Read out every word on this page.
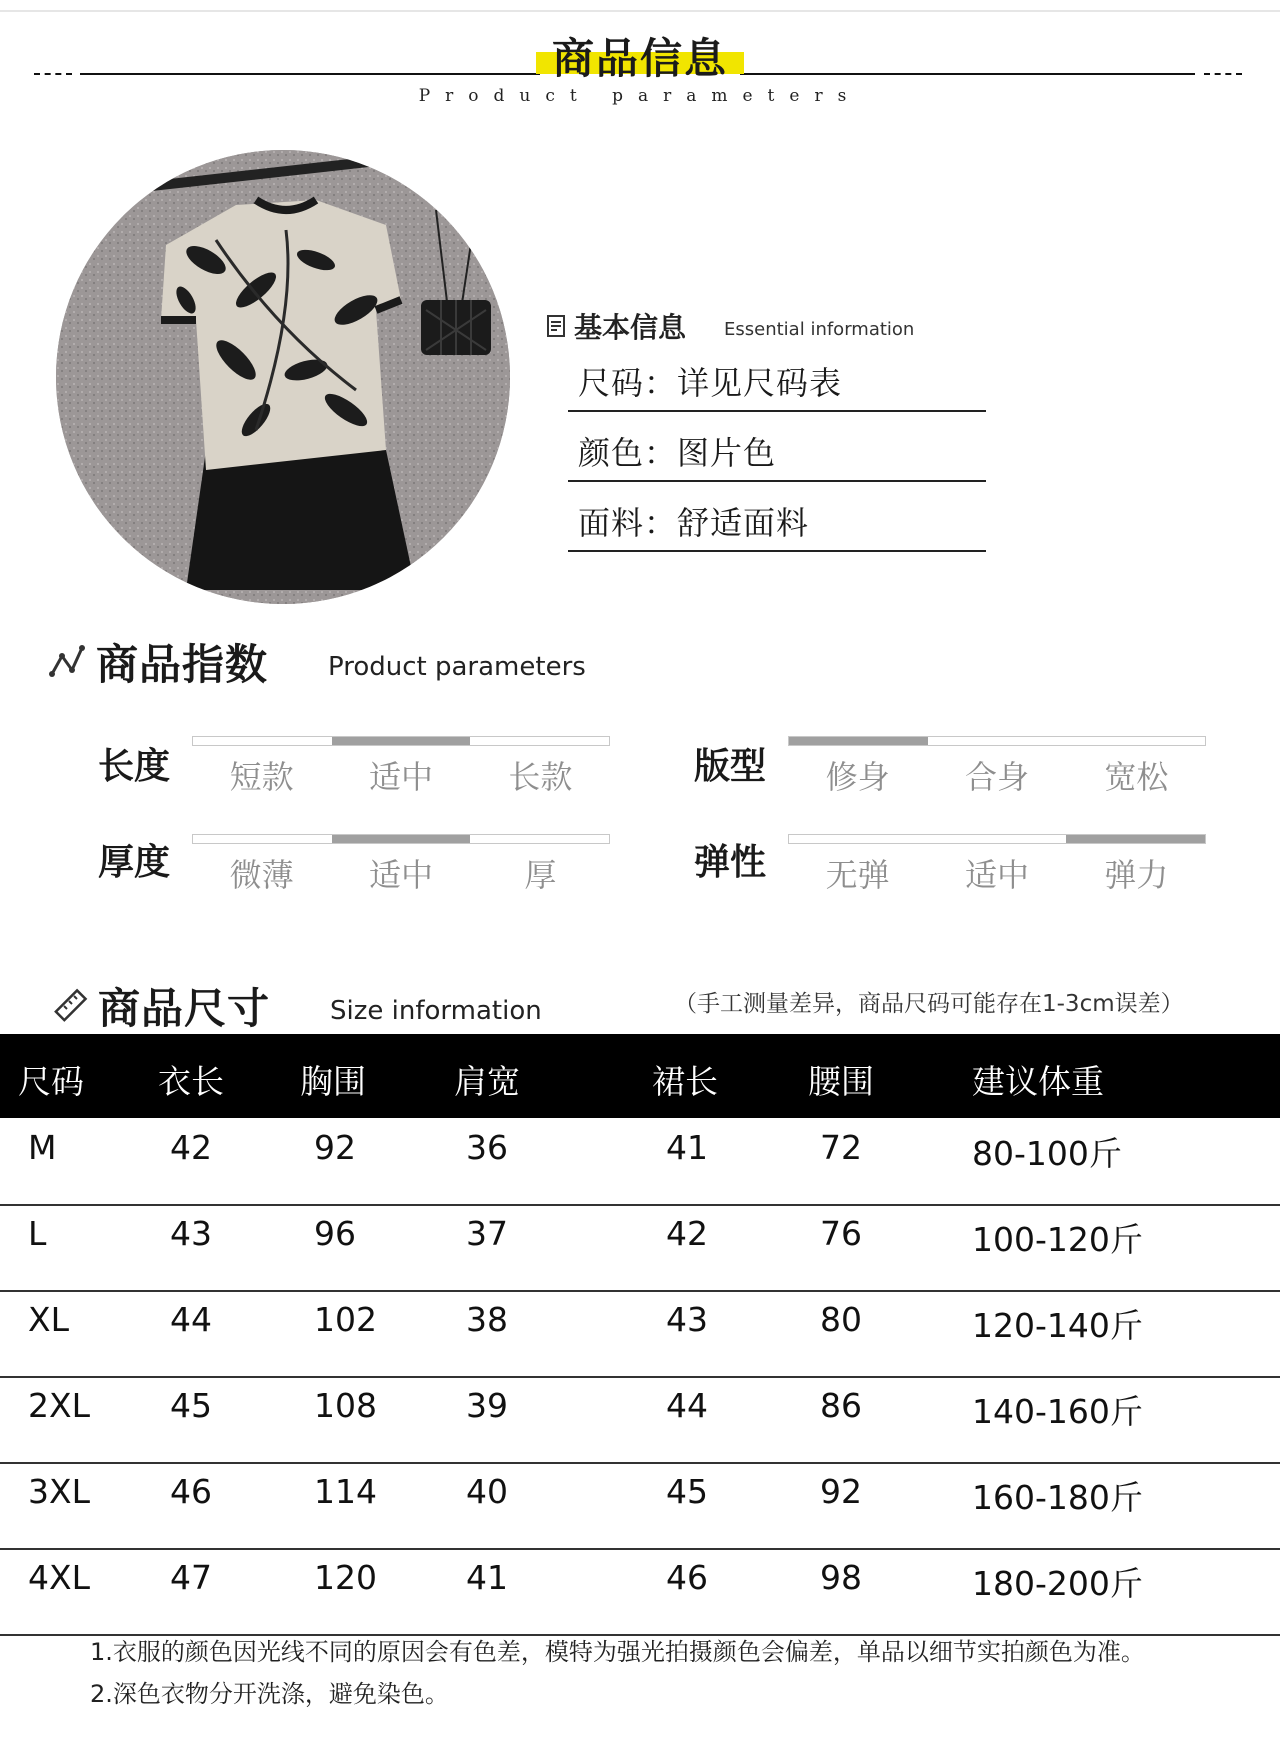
商品信息
Product parameters
基本信息 Essential information
尺码：详见尺码表
颜色：图片色
面料：舒适面料
商品指数 Product parameters
长度	短款	适中	长款	版型	修身	合身	宽松
厚度	微薄	适中	厚	弹性	无弹	适中	弹力
商品尺寸 Size information	（手工测量差异，商品尺码可能存在1-3cm误差）
尺码 衣长 胸围	肩宽	裙长	腰围	建议体重
M	42	92	36	41	72	80-100斤
L	43	96	37	42	76	100-120斤
XL	44	102	38	43	80	120-140斤
2XL 45	108	39	44	86	140-160斤
3XL 46	114	40	45	92	160-180斤
4XL 47	120	41	46	98	180-200斤
1.衣服的颜色因光线不同的原因会有色差，模特为强光拍摄颜色会偏差，单品以细节实拍颜色为准。
2.深色衣物分开洗涤，避免染色。
